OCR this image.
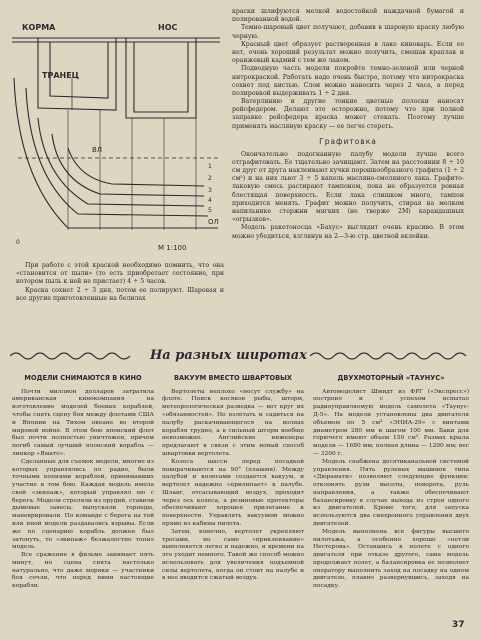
КОРМА	НОС
ТРАНЕЦ
ВЛ
ОЛ
0
1
2
3
4
5
М 1:100

При работе с этой краской необходимо помнить, что она «становится от пыли» (то есть приобретает состояние, при котором пыль к ней не пристает) 4 ÷ 5 часов.

Краска сохнет 2 ÷ 3 дня, потом ее полируют. Шаровая и все другие приготовленные на белилах

краски шлифуются мелкой водостойкой наждачной бумагой и полированной водой.

Темно-шаровый цвет получают, добавив в шаровую краску любую черную.

Красный цвет образует растворенная в лаке киноварь. Если ее нет, очень хороший результат можно получить, смешав краплак и оранжевый кадмий с тем же лаком.

Подводную часть модели покройте темно-зеленой или черной нитрокраской. Работать надо очень быстро, потому что нитрокраска сохнет под кистью. Слои можно наносить через 2 часа, а перед полировкой выдерживать 1 ÷ 2 дня.

Ватерлинию и другие тонкие цветные полоски наносят рейсфедером. Делают это осторожно, потому что при полной заправке рейсфедера краска может стекать. Поэтому лучше применять масляную краску — ее легче стереть.

Графитовка

Окончательно подогнанную палубу модели лучше всего отграфитовать. Ее тщательно зачищают. Затем на расстоянии 8 ÷ 10 см друг от друга наклеивают кучки порошкообразного графита (1 ÷ 2 см²) и на них льют 3 ÷ 5 капель масляно-смоляного лака. Графито-лаковую смесь растирают тампоном, пока не образуется ровная блестящая поверхность. Если лака слишком много, тампон приходится менять. Графит можно получить, стирая на мелком напильнике стержни мягких (не тверже 2М) карандашных «огрызков».

Модель ракетоносца «Бахус» выглядит очень красиво. В этом можно убедиться, взглянув на 2—3-ю стр. цветной вклейки.

На разных широтах
МОДЕЛИ СНИМАЮТСЯ В КИНО

Почти миллион долларов затратила американская кинокомпания на изготовление моделей боевых кораблей, чтобы снять сцену боя между флотами США и Японии на Тихом океане во второй мировой войне. В этом бою японский флот был почти полностью уничтожен, причем погиб самый лучший японский корабль — линкор «Ямато».

Сделанные для съемок модели, многие из которых управлялись по радио, были точными копиями кораблей, принимавших участие в том бою. Каждая модель имела свой «экипаж», который управлял ею с берега. Модели стреляли из орудий, ставили дымовые завесы, выпускали торпеды, маневрировали. По команде с берега на той или иной модели раздавались взрывы. Если же по сценарию корабль должен был затонуть, то «экипаж» безжалостно топил модель.

Все сражение в фильме занимает пять минут, но сцена снята настолько натурально, что даже моряки — участники боя сочли, что перед ними настоящие корабли.

ВАКУУМ ВМЕСТО ШВАРТОВЫХ

Вертолеты неплохо «несут службу» на флоте. Поиск косяков рыбы, шторм, метеорологическая разведка — вот круг их «обязанностей». Но взлетать и садиться на палубу раскачивающегося на волнах корабля трудно, а в сильный шторм вообще невозможно. Английские инженеры предлагают в связи с этим новый способ швартовки вертолета.

Колеса шасси перед посадкой поворачиваются на 90° (плашмя). Между палубой и колесами создается вакуум, и вертолет надежно «прилипает» к палубе. Шланг, отсасывающий воздух, проходит через ось колеса, а резиновые протекторы обеспечивают хорошее прилегание к поверхности. Управлять вакуумом можно прямо из кабины пилота.

Затем, конечно, вертолет укрепляют тросами, но само «приклеивание» выполняется легко и надежно, и времени на это уходит немного. Такой же способ можно использовать для увеличения подъемной силы вертолета, когда он стоит на палубе и в нее вводится сжатый воздух.

ДВУХМОТОРНЫЙ «ТАУНУС»

Автомоделист Шмидт из ФРГ («Экспресс») построил и с успехом испытал радиоуправляемую модель самолета «Таунус-Д-5». На модели установлены два двигателя объемом по 5 см³ «ЭНИА-29» с винтами диаметром 280 мм и шагом 100 мм. Баки для горючего имеют объем 150 см³. Размах крыла модели — 1680 мм; полная длина — 1200 мм; вес — 3200 г.

Модель снабжена десятиканальной системой управления. Пять рулевых машинок типа «Дюрамати» позволяют следующие функции: отклонять рули высоты, поворота, руль направления, а также обеспечивают балансировку в случае выхода из строя одного из двигателей. Кроме того, для запуска используются два синхронного управления двух двигателей.

Модель выполнена все фигуры высшего пилотажа, а особенно хорошо «петли Нестерова». Оставшись в полете с одного двигателя при отказе другого, сама модель продолжает полет, а балансировка ее позволяет оператору выполнить заход на посадку на одном двигателе, плавно развернувшись, заходя на посадку.

37
